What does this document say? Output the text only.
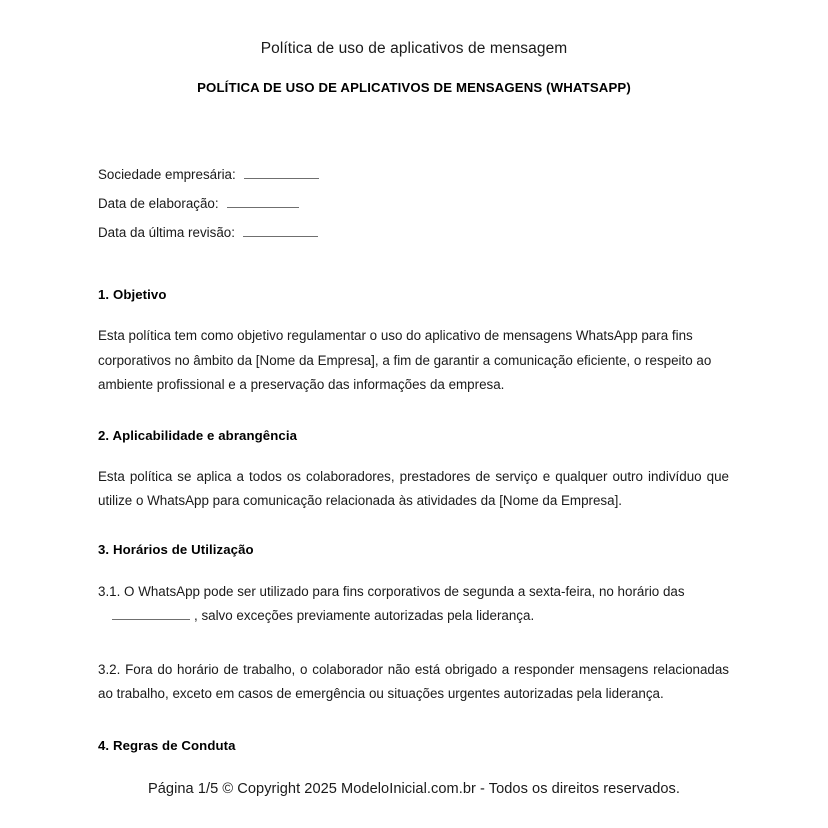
Política de uso de aplicativos de mensagem
POLÍTICA DE USO DE APLICATIVOS DE MENSAGENS (WHATSAPP)
Sociedade empresária:
Data de elaboração:
Data da última revisão:
1. Objetivo
Esta política tem como objetivo regulamentar o uso do aplicativo de mensagens WhatsApp para fins corporativos no âmbito da [Nome da Empresa], a fim de garantir a comunicação eficiente, o respeito ao ambiente profissional e a preservação das informações da empresa.
2. Aplicabilidade e abrangência
Esta política se aplica a todos os colaboradores, prestadores de serviço e qualquer outro indivíduo que utilize o WhatsApp para comunicação relacionada às atividades da [Nome da Empresa].
3. Horários de Utilização
3.1. O WhatsApp pode ser utilizado para fins corporativos de segunda a sexta-feira, no horário das, salvo exceções previamente autorizadas pela liderança.
3.2. Fora do horário de trabalho, o colaborador não está obrigado a responder mensagens relacionadas ao trabalho, exceto em casos de emergência ou situações urgentes autorizadas pela liderança.
4. Regras de Conduta
Página 1/5 © Copyright 2025 ModeloInicial.com.br - Todos os direitos reservados.
